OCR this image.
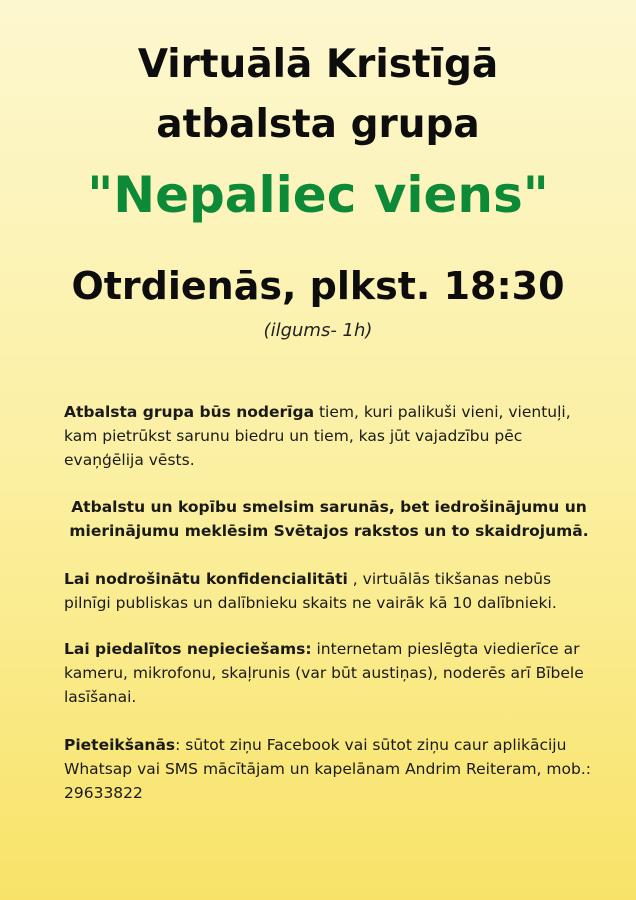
Virtuālā Kristīgā
atbalsta grupa
"Nepaliec viens"
Otrdienās, plkst. 18:30
(ilgums- 1h)

Atbalsta grupa būs noderīga tiem, kuri palikuši vieni, vientuļi, kam pietrūkst sarunu biedru un tiem, kas jūt vajadzību pēc evaņģēlija vēsts.

Atbalstu un kopību smelsim sarunās, bet iedrošinājumu un mierinājumu meklēsim Svētajos rakstos un to skaidrojumā.

Lai nodrošinātu konfidencialitāti , virtuālās tikšanas nebūs pilnīgi publiskas un dalībnieku skaits ne vairāk kā 10 dalībnieki.

Lai piedalītos nepieciešams: internetam pieslēgta viedierīce ar kameru, mikrofonu, skaļrunis (var būt austiņas), noderēs arī Bībele lasīšanai.

Pieteikšanās: sūtot ziņu Facebook vai sūtot ziņu caur aplikāciju Whatsap vai SMS mācītājam un kapelānam Andrim Reiteram, mob.: 29633822
